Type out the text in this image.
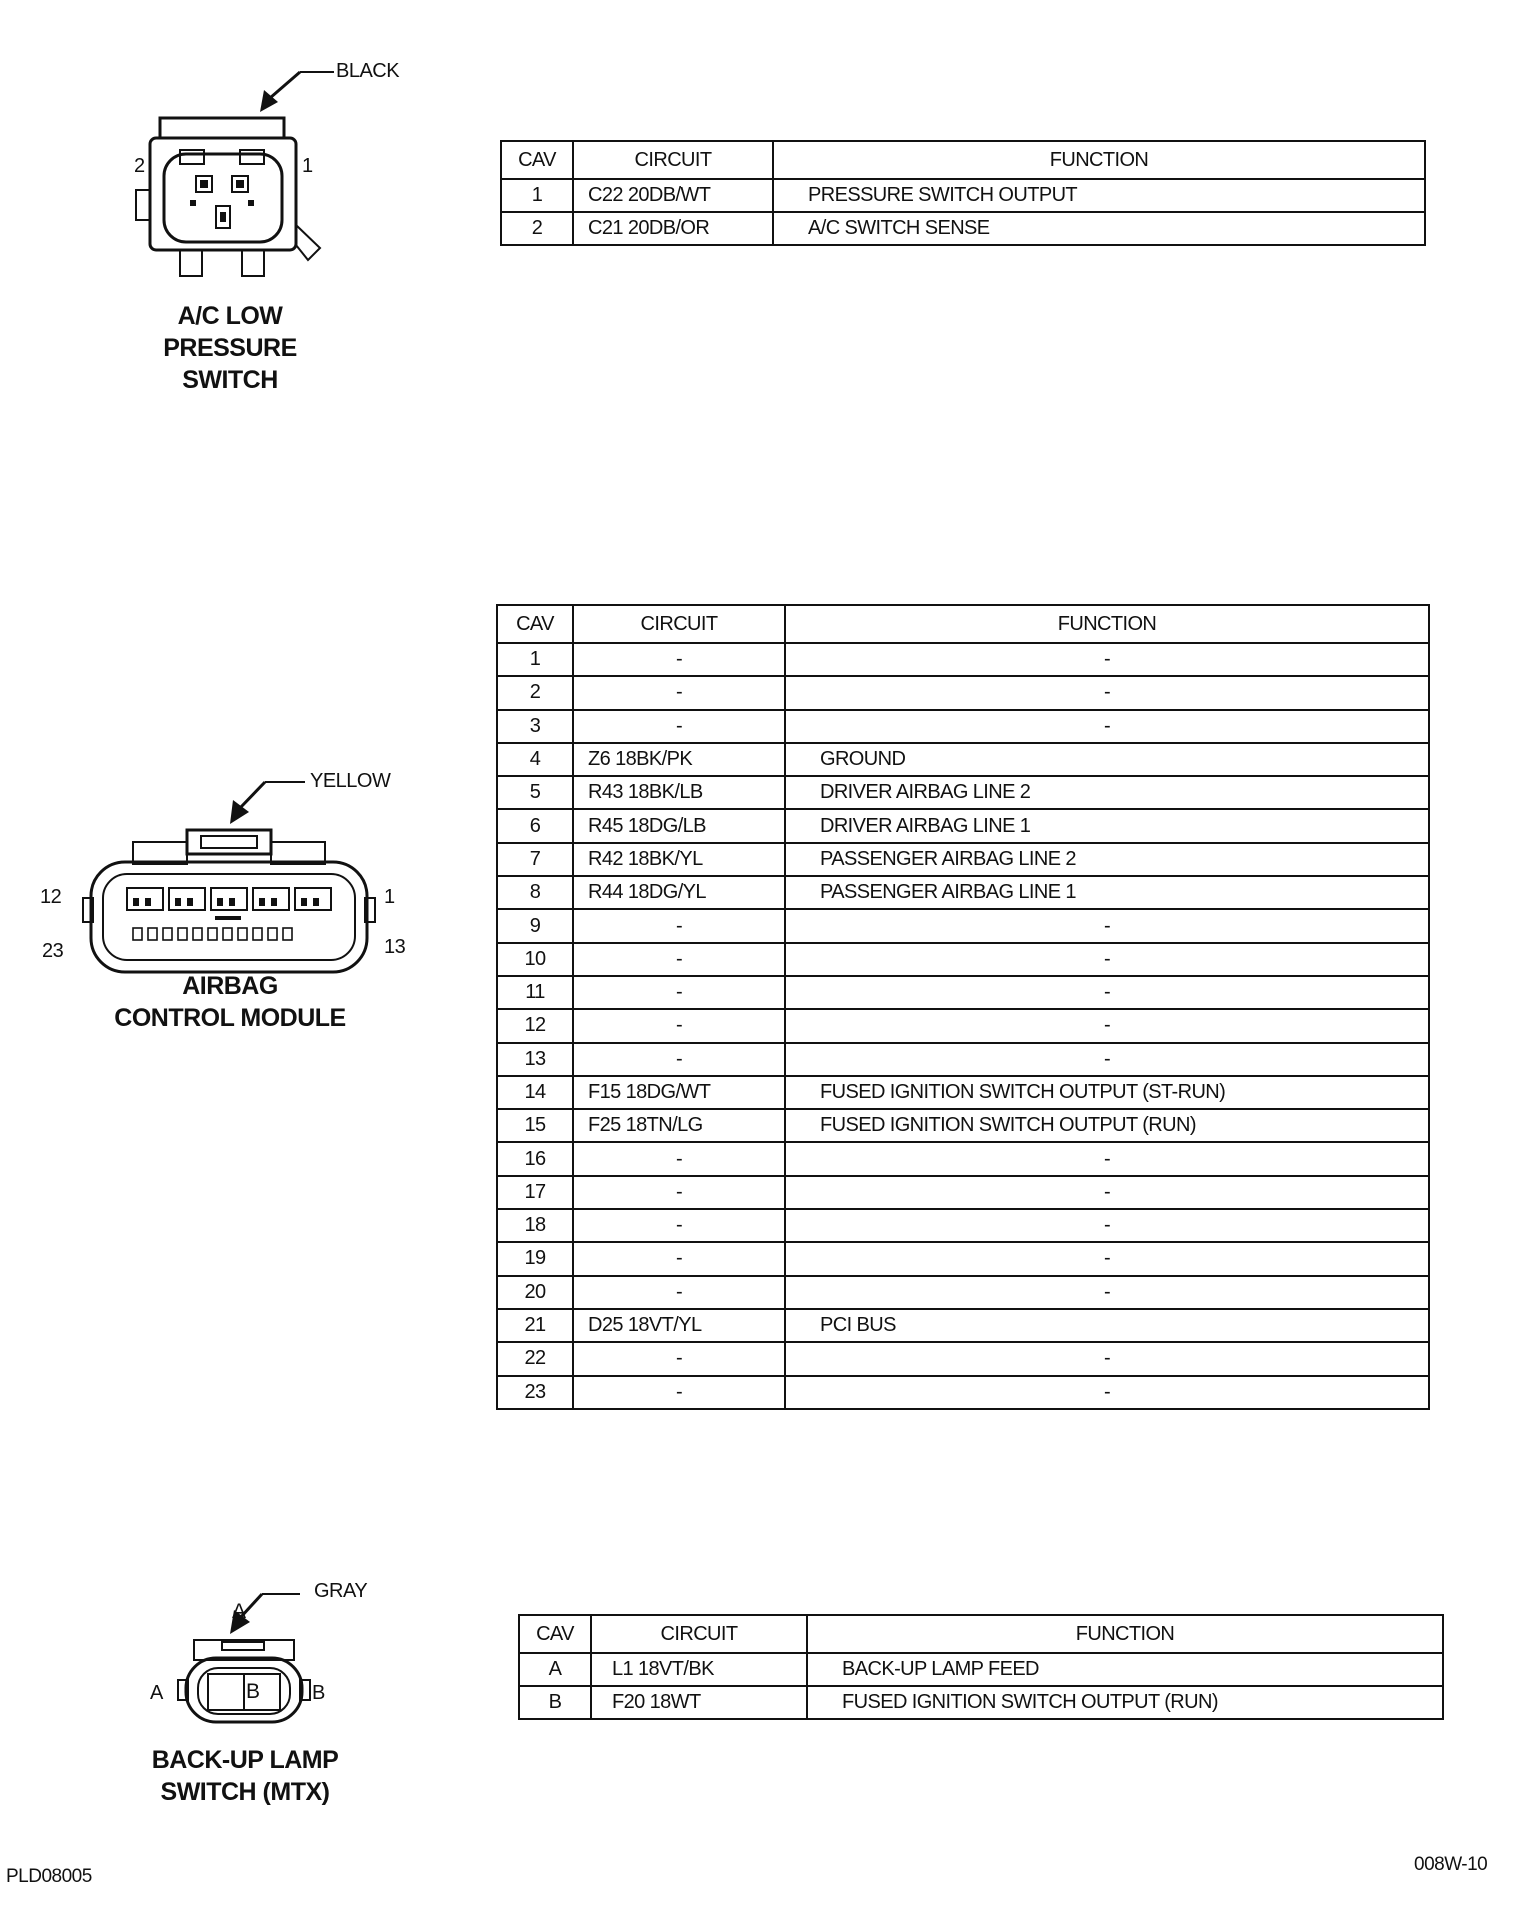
BLACK
2	1
A/C LOW
PRESSURE
SWITCH
CAV	CIRCUIT	FUNCTION
1	C22 20DB/WT	PRESSURE SWITCH OUTPUT
2	C21 20DB/OR	A/C SWITCH SENSE
YELLOW
12	1
23	13
AIRBAG
CONTROL MODULE
CAV	CIRCUIT	FUNCTION
1	-	-
2	-	-
3	-	-
4	Z6 18BK/PK	GROUND
5	R43 18BK/LB	DRIVER AIRBAG LINE 2
6	R45 18DG/LB	DRIVER AIRBAG LINE 1
7	R42 18BK/YL	PASSENGER AIRBAG LINE 2
8	R44 18DG/YL	PASSENGER AIRBAG LINE 1
9	-	-
10	-	-
11	-	-
12	-	-
13	-	-
14	F15 18DG/WT	FUSED IGNITION SWITCH OUTPUT (ST-RUN)
15	F25 18TN/LG	FUSED IGNITION SWITCH OUTPUT (RUN)
16	-	-
17	-	-
18	-	-
19	-	-
20	-	-
21	D25 18VT/YL	PCI BUS
22	-	-
23	-	-
A
B
GRAY
A	B
BACK-UP LAMP
SWITCH (MTX)
CAV	CIRCUIT	FUNCTION
A	L1 18VT/BK	BACK-UP LAMP FEED
B	F20 18WT	FUSED IGNITION SWITCH OUTPUT (RUN)
PLD08005
008W-10
